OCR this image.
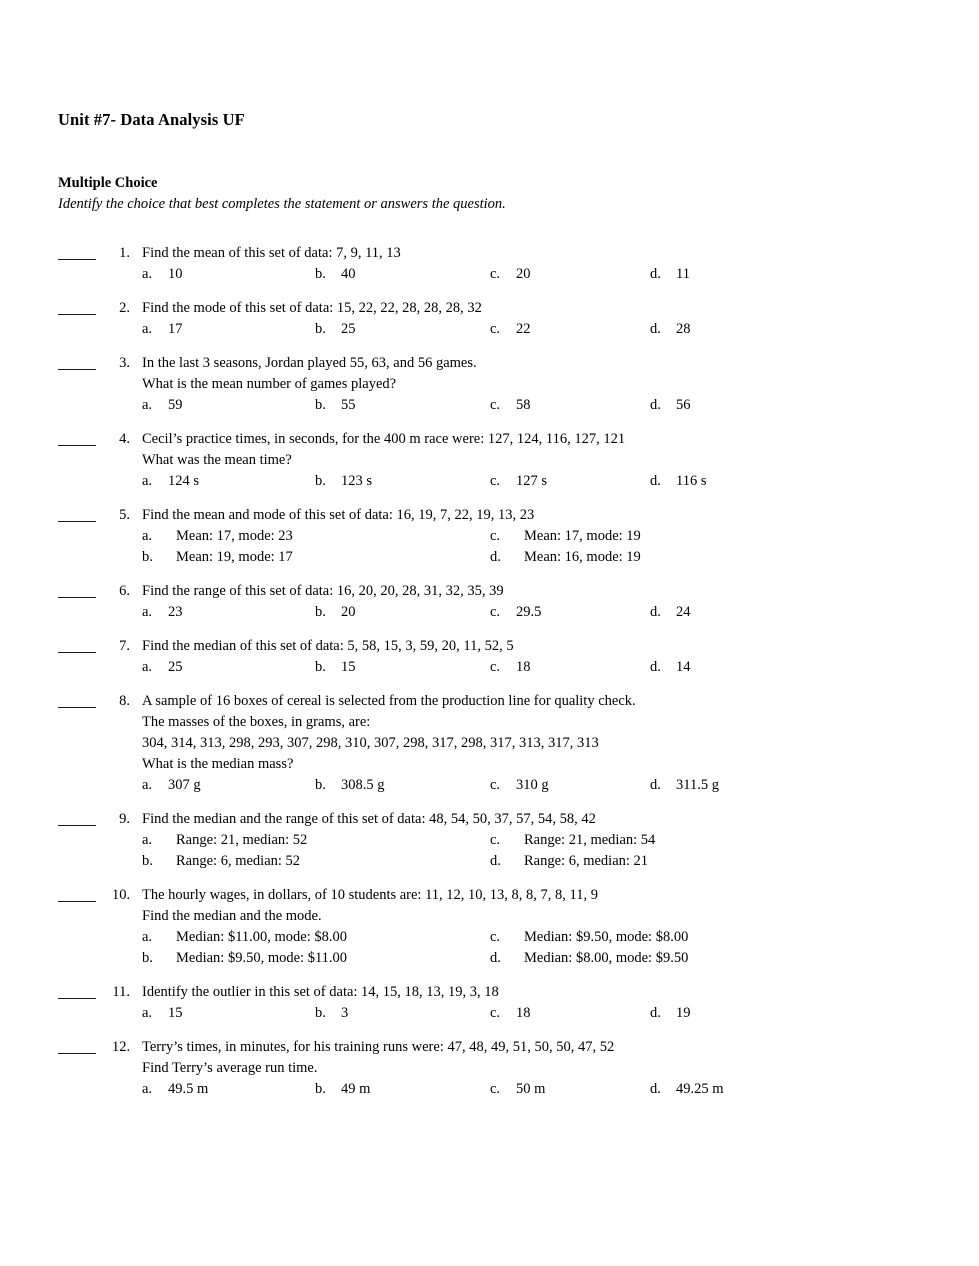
Unit #7- Data Analysis UF
Multiple Choice
Identify the choice that best completes the statement or answers the question.
1. Find the mean of this set of data: 7, 9, 11, 13
a.	10	b.	40	c.	20	d.	11
2. Find the mode of this set of data: 15, 22, 22, 28, 28, 28, 32
a.	17	b.	25	c.	22	d.	28
3. In the last 3 seasons, Jordan played 55, 63, and 56 games.
What is the mean number of games played?
a.	59	b.	55	c.	58	d.	56
4. Cecil’s practice times, in seconds, for the 400 m race were: 127, 124, 116, 127, 121
What was the mean time?
a.	124 s	b.	123 s	c.	127 s	d.	116 s
5. Find the mean and mode of this set of data: 16, 19, 7, 22, 19, 13, 23
a.	Mean: 17, mode: 23	c.	Mean: 17, mode: 19
b.	Mean: 19, mode: 17	d.	Mean: 16, mode: 19
6. Find the range of this set of data: 16, 20, 20, 28, 31, 32, 35, 39
a.	23	b.	20	c.	29.5	d.	24
7. Find the median of this set of data: 5, 58, 15, 3, 59, 20, 11, 52, 5
a.	25	b.	15	c.	18	d.	14
8. A sample of 16 boxes of cereal is selected from the production line for quality check.
The masses of the boxes, in grams, are:
304, 314, 313, 298, 293, 307, 298, 310, 307, 298, 317, 298, 317, 313, 317, 313
What is the median mass?
a.	307 g	b.	308.5 g	c.	310 g	d.	311.5 g
9. Find the median and the range of this set of data: 48, 54, 50, 37, 57, 54, 58, 42
a.	Range: 21, median: 52	c.	Range: 21, median: 54
b.	Range: 6, median: 52	d.	Range: 6, median: 21
10. The hourly wages, in dollars, of 10 students are: 11, 12, 10, 13, 8, 8, 7, 8, 11, 9
Find the median and the mode.
a.	Median: $11.00, mode: $8.00	c.	Median: $9.50, mode: $8.00
b.	Median: $9.50, mode: $11.00	d.	Median: $8.00, mode: $9.50
11. Identify the outlier in this set of data: 14, 15, 18, 13, 19, 3, 18
a.	15	b.	3	c.	18	d.	19
12. Terry’s times, in minutes, for his training runs were: 47, 48, 49, 51, 50, 50, 47, 52
Find Terry’s average run time.
a.	49.5 m	b.	49 m	c.	50 m	d.	49.25 m
